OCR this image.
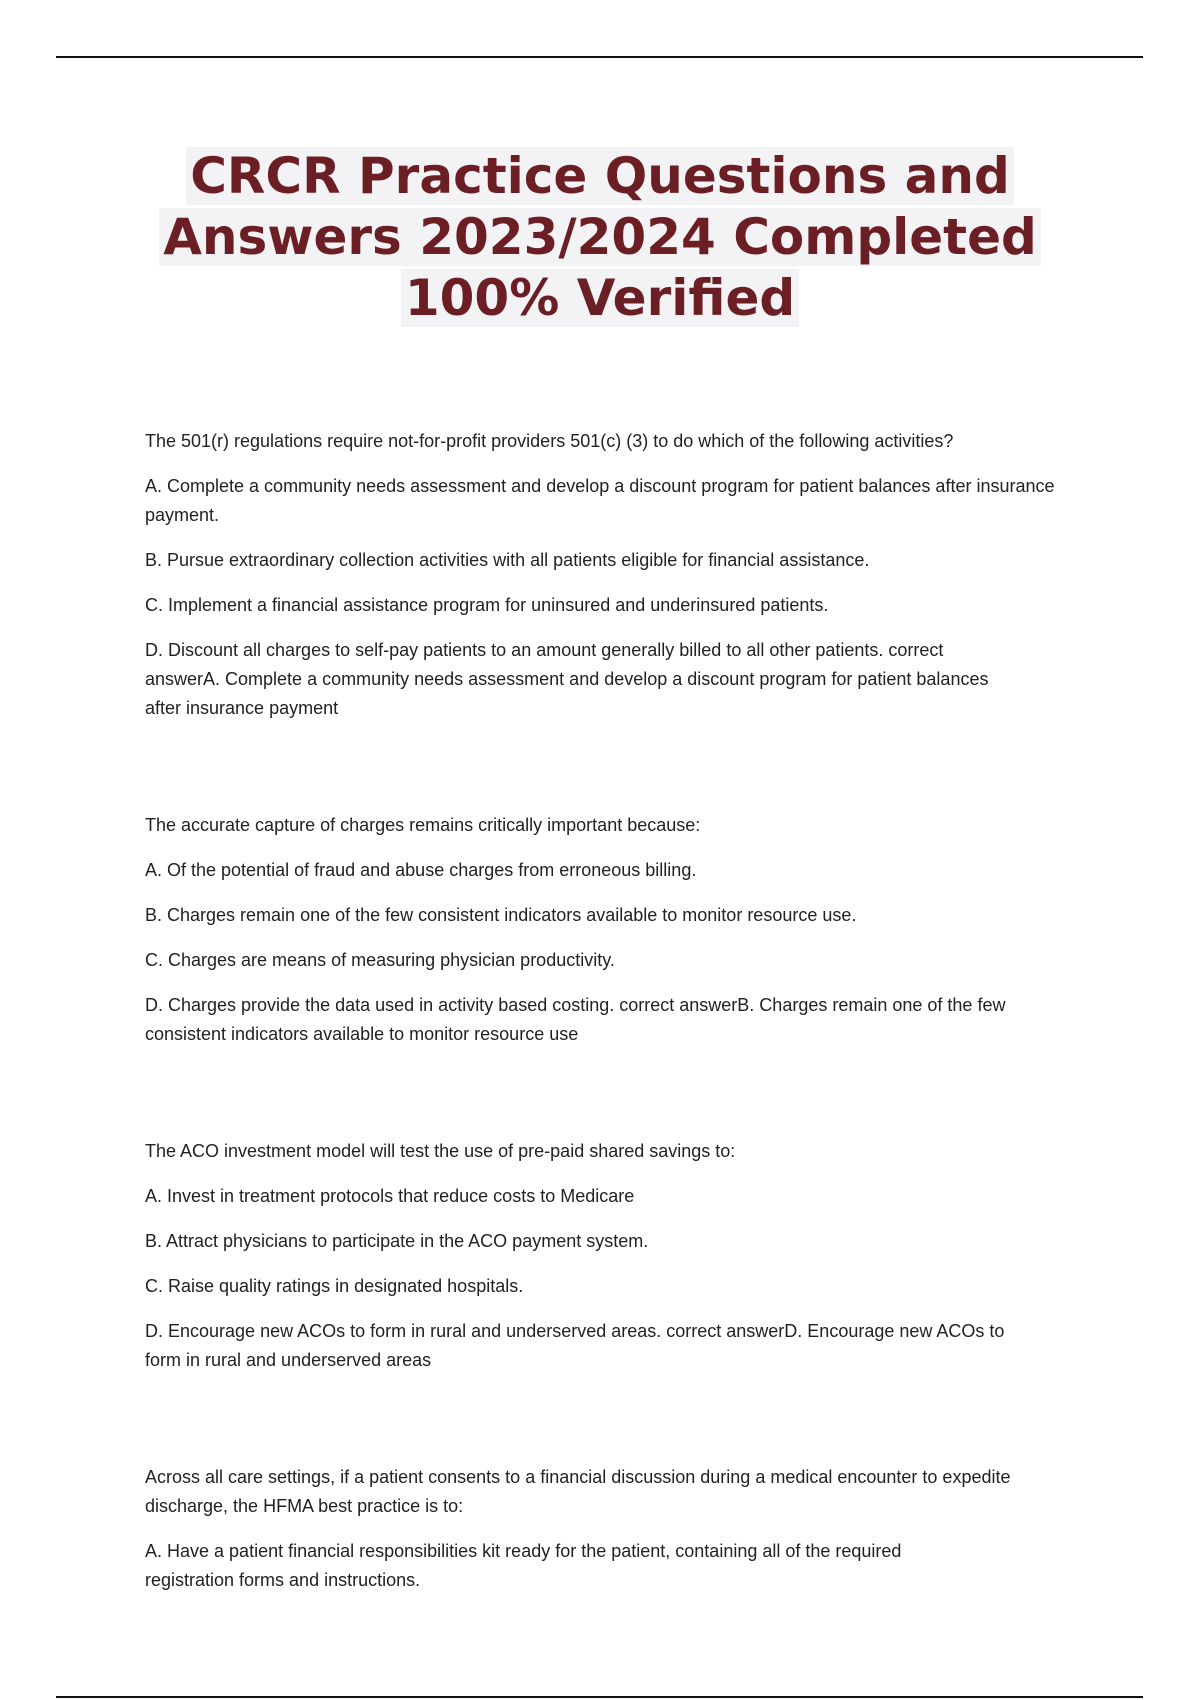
CRCR Practice Questions and
Answers 2023/2024 Completed
100% Verified

The 501(r) regulations require not-for-profit providers 501(c) (3) to do which of the following activities?

A. Complete a community needs assessment and develop a discount program for patient balances after insurance payment.

B. Pursue extraordinary collection activities with all patients eligible for financial assistance.

C. Implement a financial assistance program for uninsured and underinsured patients.

D. Discount all charges to self-pay patients to an amount generally billed to all other patients. correct answerA. Complete a community needs assessment and develop a discount program for patient balances after insurance payment

The accurate capture of charges remains critically important because:

A. Of the potential of fraud and abuse charges from erroneous billing.

B. Charges remain one of the few consistent indicators available to monitor resource use.

C. Charges are means of measuring physician productivity.

D. Charges provide the data used in activity based costing. correct answerB. Charges remain one of the few consistent indicators available to monitor resource use

The ACO investment model will test the use of pre-paid shared savings to:

A. Invest in treatment protocols that reduce costs to Medicare

B. Attract physicians to participate in the ACO payment system.

C. Raise quality ratings in designated hospitals.

D. Encourage new ACOs to form in rural and underserved areas. correct answerD. Encourage new ACOs to form in rural and underserved areas

Across all care settings, if a patient consents to a financial discussion during a medical encounter to expedite discharge, the HFMA best practice is to:

A. Have a patient financial responsibilities kit ready for the patient, containing all of the required registration forms and instructions.
